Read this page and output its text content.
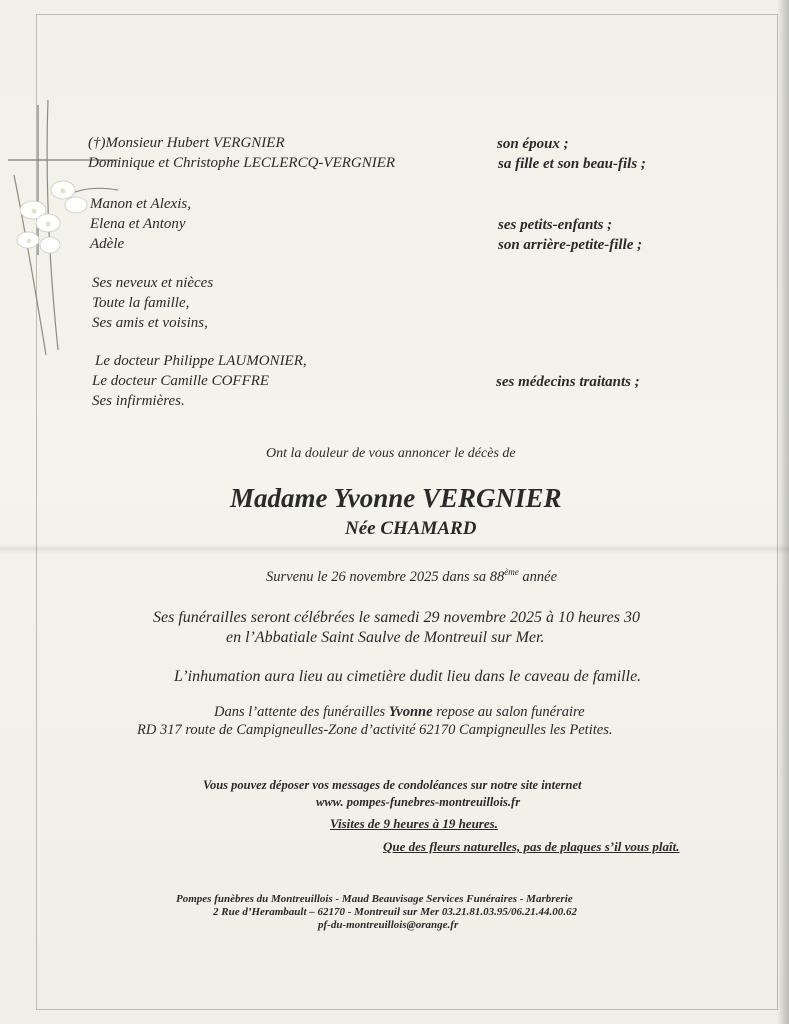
(†)Monsieur Hubert VERGNIER
Dominique et Christophe LECLERCQ-VERGNIER
Manon et Alexis,
Elena et Antony
Adèle
Ses neveux et nièces
Toute la famille,
Ses amis et voisins,
Le docteur Philippe LAUMONIER,
Le docteur Camille COFFRE
Ses infirmières.
son époux ;
sa fille et son beau-fils ;
ses petits-enfants ;
son arrière-petite-fille ;
ses médecins traitants ;
Ont la douleur de vous annoncer le décès de
Madame Yvonne VERGNIER
Née CHAMARD
Survenu le 26 novembre 2025 dans sa 88ème année
Ses funérailles seront célébrées le samedi 29 novembre 2025 à 10 heures 30
en l’Abbatiale Saint Saulve de Montreuil sur Mer.
L’inhumation aura lieu au cimetière dudit lieu dans le caveau de famille.
Dans l’attente des funérailles Yvonne repose au salon funéraire
RD 317 route de Campigneulles-Zone d’activité 62170 Campigneulles les Petites.
Vous pouvez déposer vos messages de condoléances sur notre site internet
www. pompes-funebres-montreuillois.fr
Visites de 9 heures à 19 heures.
Que des fleurs naturelles, pas de plaques s’il vous plaît.
Pompes funèbres du Montreuillois - Maud Beauvisage Services Funéraires - Marbrerie
2 Rue d’Herambault – 62170 - Montreuil sur Mer 03.21.81.03.95/06.21.44.00.62
pf-du-montreuillois@orange.fr
